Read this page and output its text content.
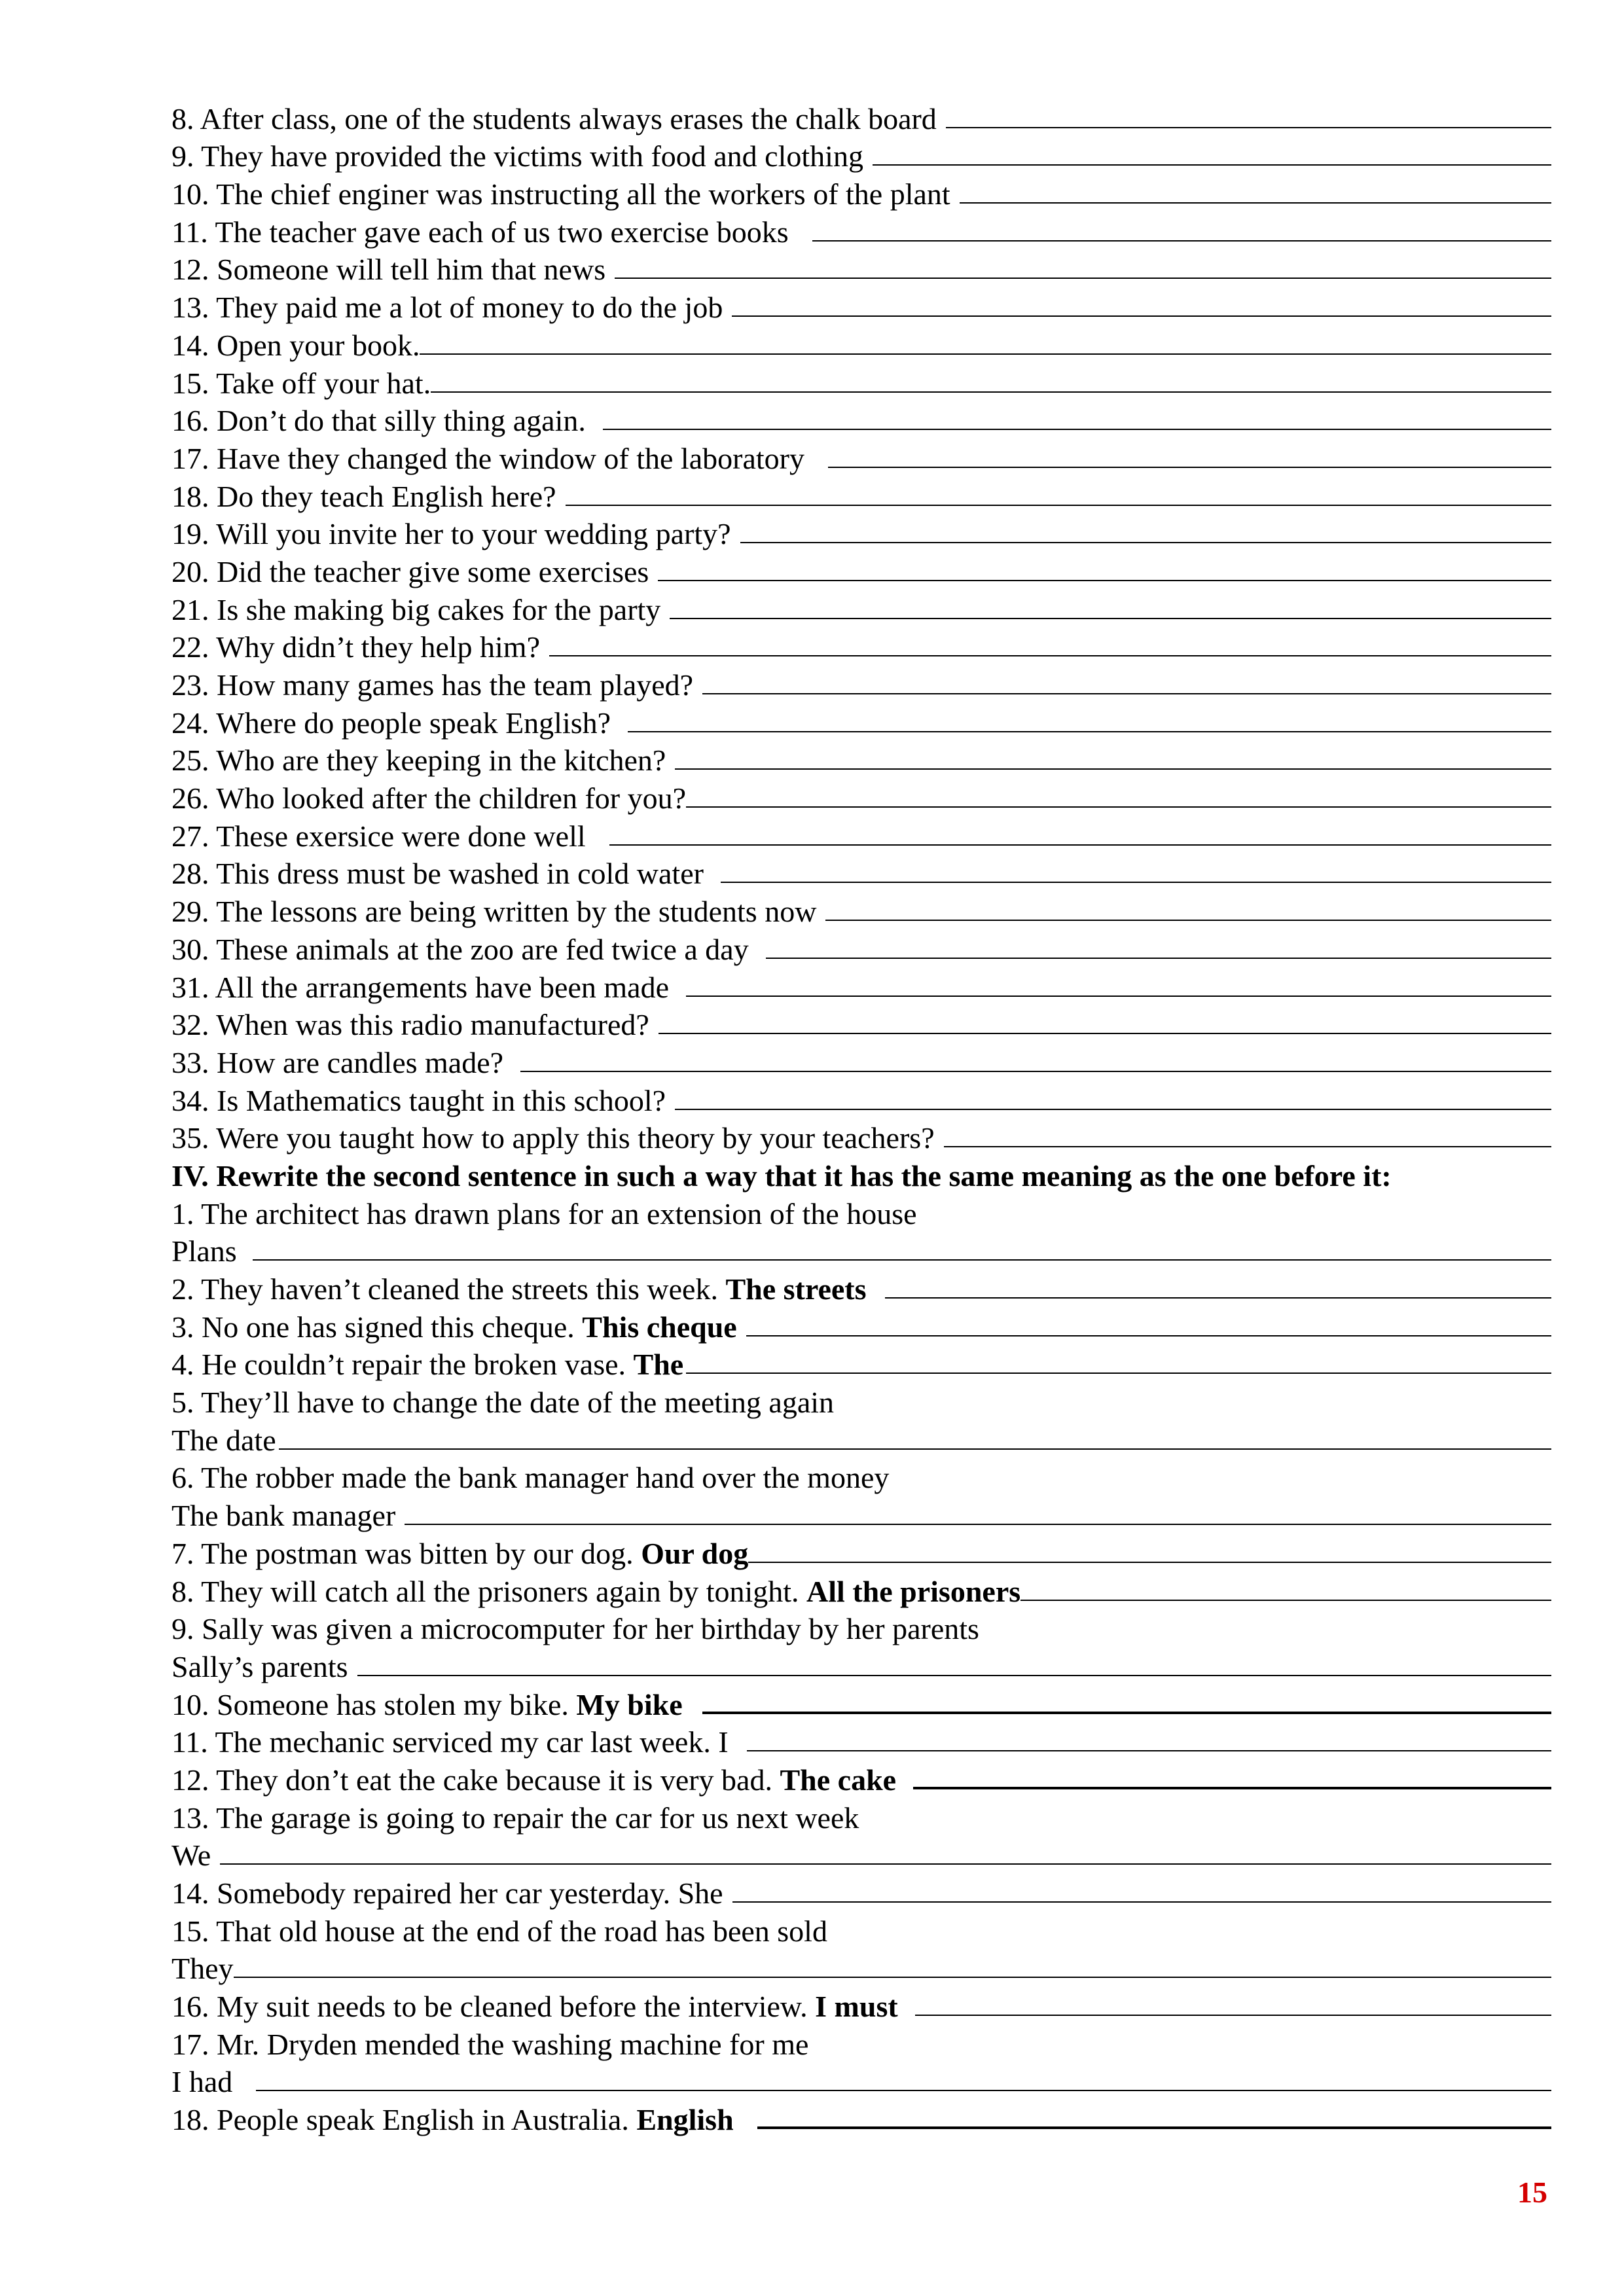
8. After class, one of the students always erases the chalk board
9. They have provided the victims with food and clothing
10. The chief enginer was instructing all the workers of the plant
11. The teacher gave each of us two exercise books
12. Someone will tell him that news
13. They paid me a lot of money to do the job
14. Open your book.
15. Take off your hat.
16. Don’t do that silly thing again.
17. Have they changed the window of the laboratory
18. Do they teach English here?
19. Will you invite her to your wedding party?
20. Did the teacher give some exercises
21. Is she making big cakes for the party
22. Why didn’t they help him?
23. How many games has the team played?
24. Where do people speak English?
25. Who are they keeping in the kitchen?
26. Who looked after the children for you?
27. These exersice were done well
28. This dress must be washed in cold water
29. The lessons are being written by the students now
30. These animals at the zoo are fed twice a day
31. All the arrangements have been made
32. When was this radio manufactured?
33. How are candles made?
34. Is Mathematics taught in this school?
35. Were you taught how to apply this theory by your teachers?
IV. Rewrite the second sentence in such a way that it has the same meaning as the one before it:
1. The architect has drawn plans for an extension of the house
Plans
2. They haven’t cleaned the streets this week.
The streets
3. No one has signed this cheque.
This cheque
4. He couldn’t repair the broken vase.
The
5. They’ll have to change the date of the meeting again
The date
6. The robber made the bank manager hand over the money
The bank manager
7. The postman was bitten by our dog.
Our dog
8. They will catch all the prisoners again by tonight.
All the prisoners
9. Sally was given a microcomputer for her birthday by her parents
Sally’s parents
10. Someone has stolen my bike.
My bike
11. The mechanic serviced my car last week. I
12. They don’t eat the cake because it is very bad.
The cake
13. The garage is going to repair the car for us next week
We
14. Somebody repaired her car yesterday. She
15. That old house at the end of the road has been sold
They
16. My suit needs to be cleaned before the interview.
I must
17. Mr. Dryden mended the washing machine for me
I had
18. People speak English in Australia.
English
15
